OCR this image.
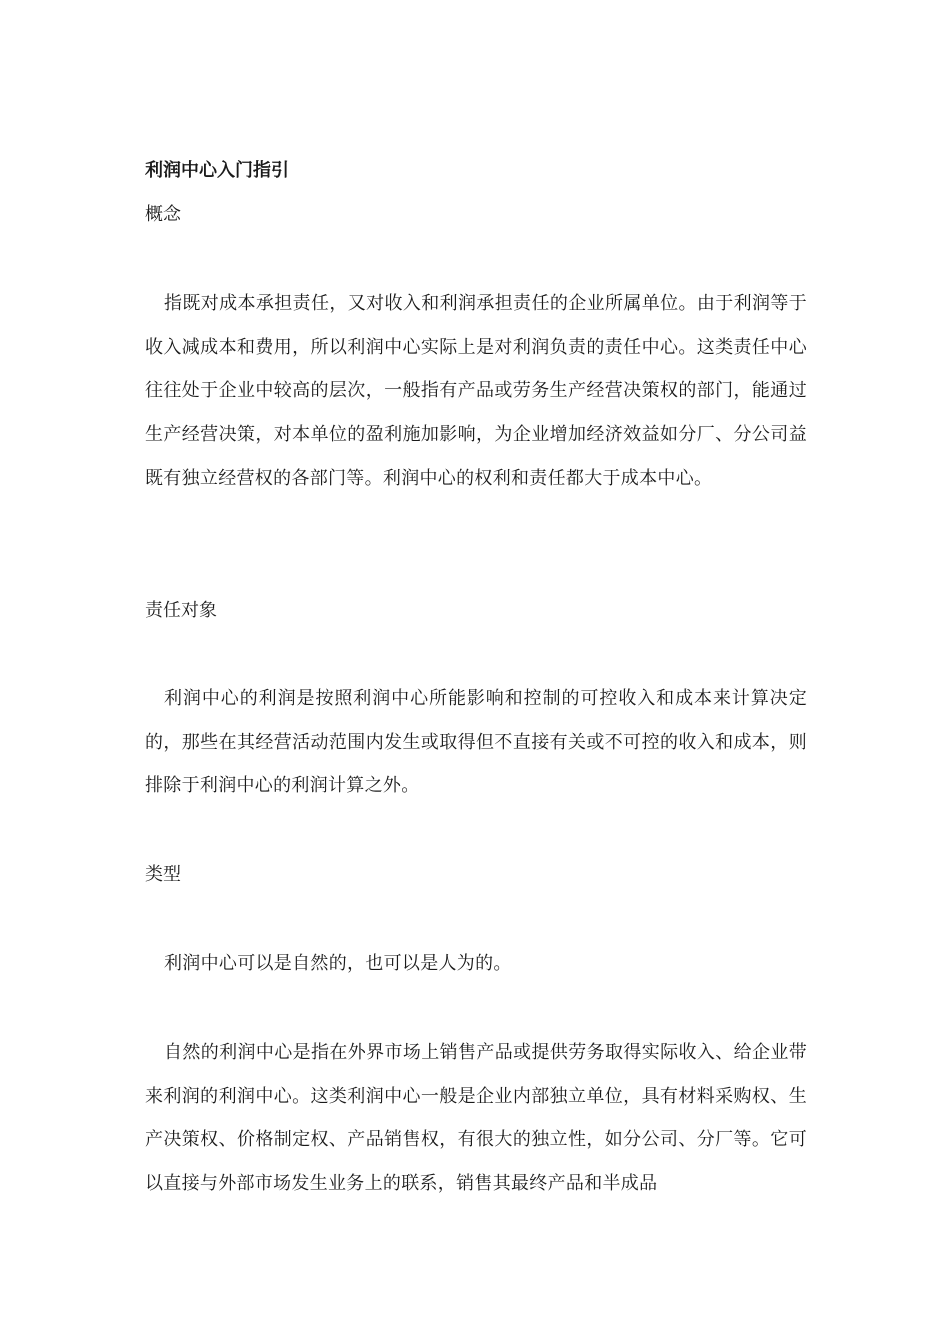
利润中心入门指引
概念

指既对成本承担责任，又对收入和利润承担责任的企业所属单位。由于利润等于收入减成本和费用，所以利润中心实际上是对利润负责的责任中心。这类责任中心往往处于企业中较高的层次，一般指有产品或劳务生产经营决策权的部门，能通过生产经营决策，对本单位的盈利施加影响，为企业增加经济效益如分厂、分公司益既有独立经营权的各部门等。利润中心的权利和责任都大于成本中心。

责任对象

利润中心的利润是按照利润中心所能影响和控制的可控收入和成本来计算决定的，那些在其经营活动范围内发生或取得但不直接有关或不可控的收入和成本，则排除于利润中心的利润计算之外。

类型

利润中心可以是自然的，也可以是人为的。

自然的利润中心是指在外界市场上销售产品或提供劳务取得实际收入、给企业带来利润的利润中心。这类利润中心一般是企业内部独立单位，具有材料采购权、生产决策权、价格制定权、产品销售权，有很大的独立性，如分公司、分厂等。它可以直接与外部市场发生业务上的联系，销售其最终产品和半成品
